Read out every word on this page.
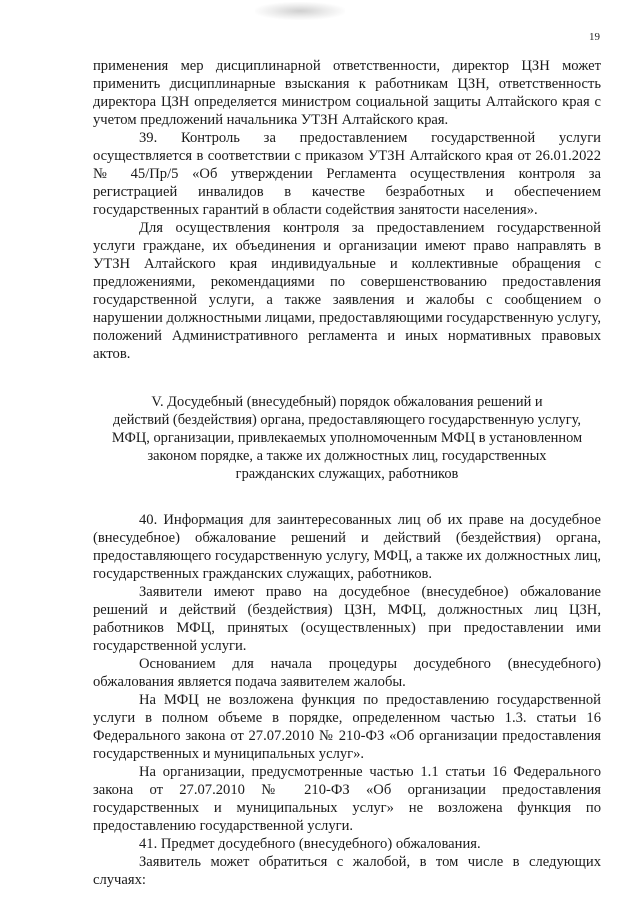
19

применения мер дисциплинарной ответственности, директор ЦЗН может применить дисциплинарные взыскания к работникам ЦЗН, ответственность директора ЦЗН определяется министром социальной защиты Алтайского края с учетом предложений начальника УТЗН Алтайского края.

39. Контроль за предоставлением государственной услуги осуществляется в соответствии с приказом УТЗН Алтайского края от 26.01.2022 № 45/Пр/5 «Об утверждении Регламента осуществления контроля за регистрацией инвалидов в качестве безработных и обеспечением государственных гарантий в области содействия занятости населения».

Для осуществления контроля за предоставлением государственной услуги граждане, их объединения и организации имеют право направлять в УТЗН Алтайского края индивидуальные и коллективные обращения с предложениями, рекомендациями по совершенствованию предоставления государственной услуги, а также заявления и жалобы с сообщением о нарушении должностными лицами, предоставляющими государственную услугу, положений Административного регламента и иных нормативных правовых актов.

V. Досудебный (внесудебный) порядок обжалования решений и
действий (бездействия) органа, предоставляющего государственную услугу,
МФЦ, организации, привлекаемых уполномоченным МФЦ в установленном
законом порядке, а также их должностных лиц, государственных
гражданских служащих, работников

40. Информация для заинтересованных лиц об их праве на досудебное (внесудебное) обжалование решений и действий (бездействия) органа, предоставляющего государственную услугу, МФЦ, а также их должностных лиц, государственных гражданских служащих, работников.

Заявители имеют право на досудебное (внесудебное) обжалование решений и действий (бездействия) ЦЗН, МФЦ, должностных лиц ЦЗН, работников МФЦ, принятых (осуществленных) при предоставлении ими государственной услуги.

Основанием для начала процедуры досудебного (внесудебного) обжалования является подача заявителем жалобы.

На МФЦ не возложена функция по предоставлению государственной услуги в полном объеме в порядке, определенном частью 1.3. статьи 16 Федерального закона от 27.07.2010 № 210-ФЗ «Об организации предоставления государственных и муниципальных услуг».

На организации, предусмотренные частью 1.1 статьи 16 Федерального закона от 27.07.2010 № 210-ФЗ «Об организации предоставления государственных и муниципальных услуг» не возложена функция по предоставлению государственной услуги.

41. Предмет досудебного (внесудебного) обжалования.

Заявитель может обратиться с жалобой, в том числе в следующих случаях:
